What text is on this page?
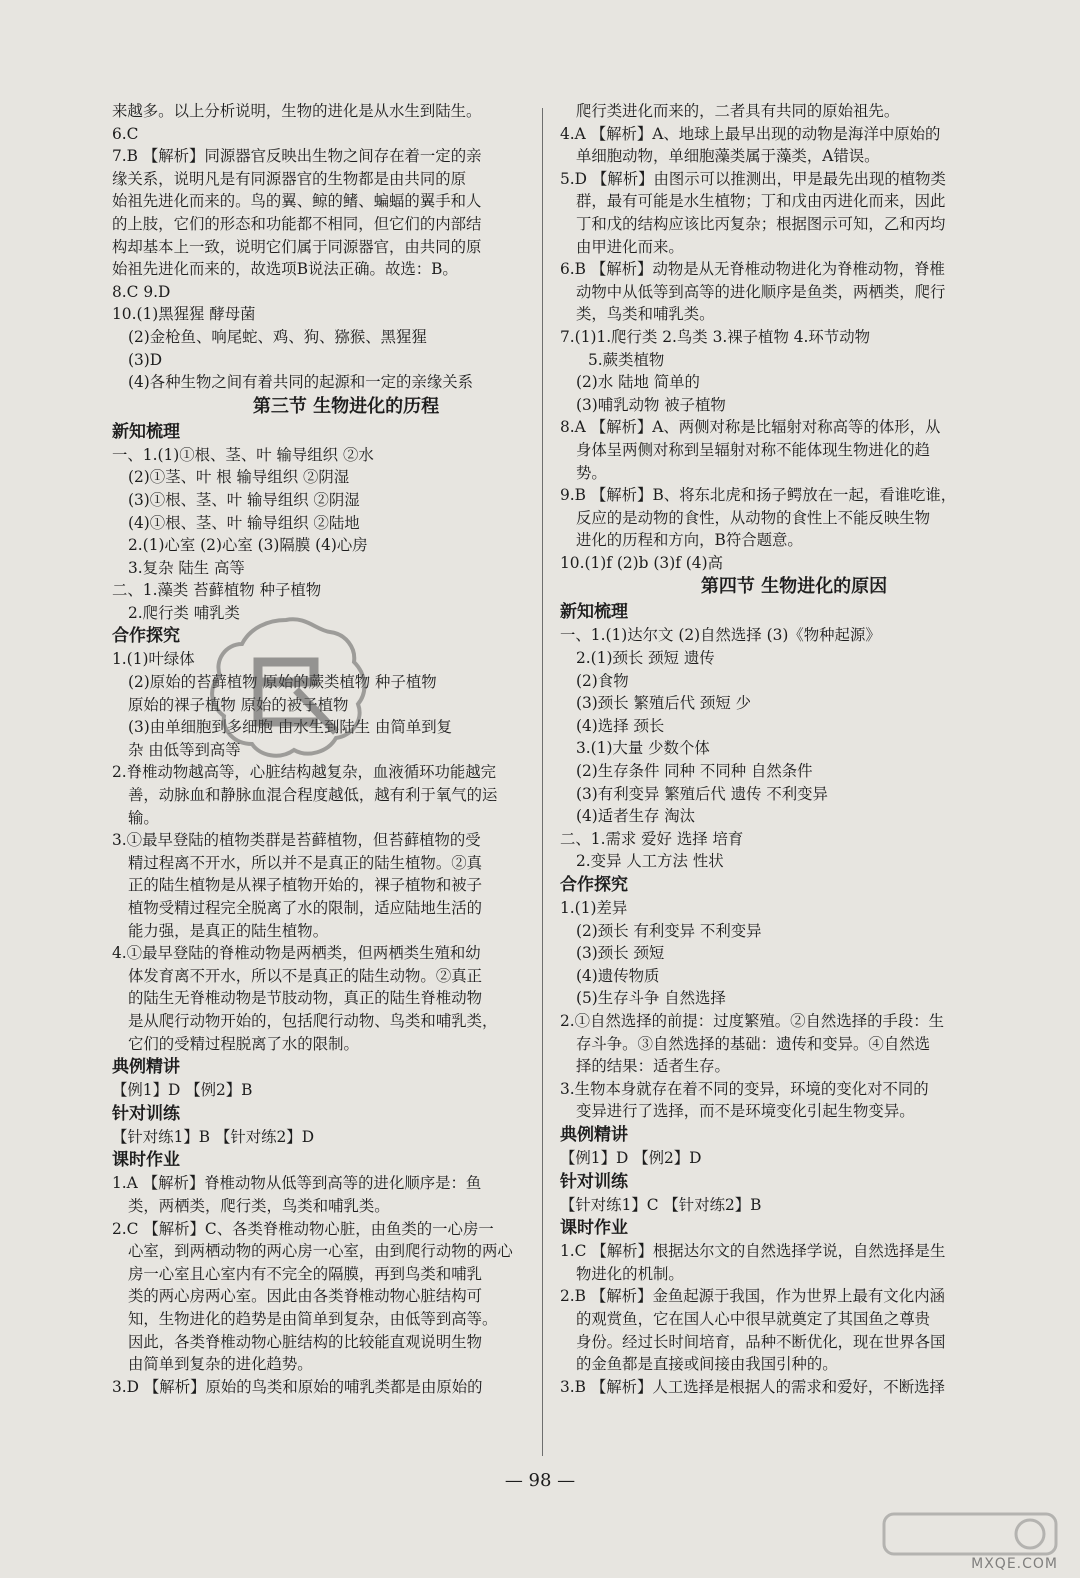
来越多。以上分析说明，生物的进化是从水生到陆生。
6.C
7.B 【解析】同源器官反映出生物之间存在着一定的亲
缘关系，说明凡是有同源器官的生物都是由共同的原
始祖先进化而来的。鸟的翼、鲸的鳍、蝙蝠的翼手和人
的上肢，它们的形态和功能都不相同，但它们的内部结
构却基本上一致，说明它们属于同源器官，由共同的原
始祖先进化而来的，故选项B说法正确。故选：B。
8.C 9.D
10.(1)黑猩猩 酵母菌
(2)金枪鱼、响尾蛇、鸡、狗、猕猴、黑猩猩
(3)D
(4)各种生物之间有着共同的起源和一定的亲缘关系
第三节 生物进化的历程
新知梳理
一、1.(1)①根、茎、叶 输导组织 ②水
(2)①茎、叶 根 输导组织 ②阴湿
(3)①根、茎、叶 输导组织 ②阴湿
(4)①根、茎、叶 输导组织 ②陆地
2.(1)心室 (2)心室 (3)隔膜 (4)心房
3.复杂 陆生 高等
二、1.藻类 苔藓植物 种子植物
2.爬行类 哺乳类
合作探究
1.(1)叶绿体
(2)原始的苔藓植物 原始的蕨类植物 种子植物
原始的裸子植物 原始的被子植物
(3)由单细胞到多细胞 由水生到陆生 由简单到复
杂 由低等到高等
2.脊椎动物越高等，心脏结构越复杂，血液循环功能越完
善，动脉血和静脉血混合程度越低，越有利于氧气的运
输。
3.①最早登陆的植物类群是苔藓植物，但苔藓植物的受
精过程离不开水，所以并不是真正的陆生植物。②真
正的陆生植物是从裸子植物开始的，裸子植物和被子
植物受精过程完全脱离了水的限制，适应陆地生活的
能力强，是真正的陆生植物。
4.①最早登陆的脊椎动物是两栖类，但两栖类生殖和幼
体发育离不开水，所以不是真正的陆生动物。②真正
的陆生无脊椎动物是节肢动物，真正的陆生脊椎动物
是从爬行动物开始的，包括爬行动物、鸟类和哺乳类，
它们的受精过程脱离了水的限制。
典例精讲
【例1】D 【例2】B
针对训练
【针对练1】B 【针对练2】D
课时作业
1.A 【解析】脊椎动物从低等到高等的进化顺序是：鱼
类，两栖类，爬行类，鸟类和哺乳类。
2.C 【解析】C、各类脊椎动物心脏，由鱼类的一心房一
心室，到两栖动物的两心房一心室，由到爬行动物的两心
房一心室且心室内有不完全的隔膜，再到鸟类和哺乳
类的两心房两心室。因此由各类脊椎动物心脏结构可
知，生物进化的趋势是由简单到复杂，由低等到高等。
因此，各类脊椎动物心脏结构的比较能直观说明生物
由简单到复杂的进化趋势。
3.D 【解析】原始的鸟类和原始的哺乳类都是由原始的
爬行类进化而来的，二者具有共同的原始祖先。
4.A 【解析】A、地球上最早出现的动物是海洋中原始的
单细胞动物，单细胞藻类属于藻类，A错误。
5.D 【解析】由图示可以推测出，甲是最先出现的植物类
群，最有可能是水生植物；丁和戊由丙进化而来，因此
丁和戊的结构应该比丙复杂；根据图示可知，乙和丙均
由甲进化而来。
6.B 【解析】动物是从无脊椎动物进化为脊椎动物，脊椎
动物中从低等到高等的进化顺序是鱼类，两栖类，爬行
类，鸟类和哺乳类。
7.(1)1.爬行类 2.鸟类 3.裸子植物 4.环节动物
5.蕨类植物
(2)水 陆地 简单的
(3)哺乳动物 被子植物
8.A 【解析】A、两侧对称是比辐射对称高等的体形，从
身体呈两侧对称到呈辐射对称不能体现生物进化的趋
势。
9.B 【解析】B、将东北虎和扬子鳄放在一起，看谁吃谁，
反应的是动物的食性，从动物的食性上不能反映生物
进化的历程和方向，B符合题意。
10.(1)f (2)b (3)f (4)高
第四节 生物进化的原因
新知梳理
一、1.(1)达尔文 (2)自然选择 (3)《物种起源》
2.(1)颈长 颈短 遗传
(2)食物
(3)颈长 繁殖后代 颈短 少
(4)选择 颈长
3.(1)大量 少数个体
(2)生存条件 同种 不同种 自然条件
(3)有利变异 繁殖后代 遗传 不利变异
(4)适者生存 淘汰
二、1.需求 爱好 选择 培育
2.变异 人工方法 性状
合作探究
1.(1)差异
(2)颈长 有利变异 不利变异
(3)颈长 颈短
(4)遗传物质
(5)生存斗争 自然选择
2.①自然选择的前提：过度繁殖。②自然选择的手段：生
存斗争。③自然选择的基础：遗传和变异。④自然选
择的结果：适者生存。
3.生物本身就存在着不同的变异，环境的变化对不同的
变异进行了选择，而不是环境变化引起生物变异。
典例精讲
【例1】D 【例2】D
针对训练
【针对练1】C 【针对练2】B
课时作业
1.C 【解析】根据达尔文的自然选择学说，自然选择是生
物进化的机制。
2.B 【解析】金鱼起源于我国，作为世界上最有文化内涵
的观赏鱼，它在国人心中很早就奠定了其国鱼之尊贵
身份。经过长时间培育，品种不断优化，现在世界各国
的金鱼都是直接或间接由我国引种的。
3.B 【解析】人工选择是根据人的需求和爱好，不断选择
— 98 —
MXQE.COM
